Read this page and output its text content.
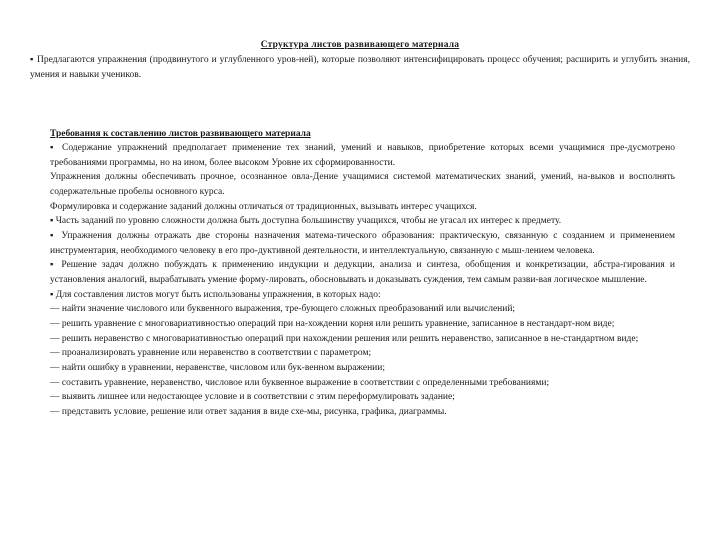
Структура листов развивающего материала
▪ Предлагаются упражнения (продвинутого и углубленного уров-ней), которые позволяют интенсифицировать процесс обучения; расширить и углубить знания, умения и навыки учеников.
Требования к составлению листов развивающего материала

▪ Содержание упражнений предполагает применение тех знаний, умений и навыков, приобретение которых всеми учащимися пре-дусмотрено требованиями программы, но на ином, более высоком Уровне их сформированности.

Упражнения должны обеспечивать прочное, осознанное овла-Дение учащимися системой математических знаний, умений, на-выков и восполнять содержательные пробелы основного курса.

Формулировка и содержание заданий должны отличаться от традиционных, вызывать интерес учащихся.

▪ Часть заданий по уровню сложности должна быть доступна большинству учащихся, чтобы не угасал их интерес к предмету.

▪ Упражнения должны отражать две стороны назначения матема-тического образования: практическую, связанную с созданием и применением инструментария, необходимого человеку в его про-дуктивной деятельности, и интеллектуальную, связанную с мыш-лением человека.

▪ Решение задач должно побуждать к применению индукции и дедукции, анализа и синтеза, обобщения и конкретизации, абстра-гирования и установления аналогий, вырабатывать умение форму-лировать, обосновывать и доказывать суждения, тем самым разви-вая логическое мышление.

▪ Для составления листов могут быть использованы упражнения, в которых надо:

— найти значение числового или буквенного выражения, тре-бующего сложных преобразований или вычислений;

— решить уравнение с многовариативностью операций при на-хождении корня или решить уравнение, записанное в нестандарт-ном виде;

— решить неравенство с многовариативностью операций при нахождении решения или решить неравенство, записанное в не-стандартном виде;

— проанализировать уравнение или неравенство в соответствии с параметром;

— найти ошибку в уравнении, неравенстве, числовом или бук-венном выражении;

— составить уравнение, неравенство, числовое или буквенное выражение в соответствии с определенными требованиями;

— выявить лишнее или недостающее условие и в соответствии с этим переформулировать задание;

— представить условие, решение или ответ задания в виде схе-мы, рисунка, графика, диаграммы.
